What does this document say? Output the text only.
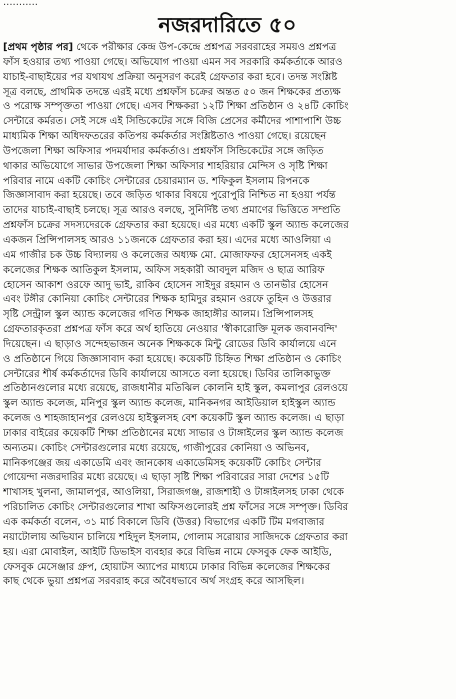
...........
নজরদারিতে ৫০
[প্রথম পৃষ্ঠার পর] থেকে পরীক্ষার কেন্দ্র উপ-কেন্দ্রে প্রশ্নপত্র সরবরাহের সময়ও প্রশ্নপত্র
ফাঁস হওয়ার তথ্য পাওয়া গেছে। অভিযোগ পাওয়া এমন সব সরকারি কর্মকর্তাকে আরও
যাচাই-বাছাইয়ের পর যথাযথ প্রক্রিয়া অনুসরণ করেই গ্রেফতার করা হবে। তদন্ত সংশ্লিষ্ট
সূত্র বলছে, প্রাথমিক তদন্তে এরই মধ্যে প্রশ্নফাঁস চক্রের অন্তত ৫০ জন শিক্ষকের প্রত্যক্ষ
ও পরোক্ষ সম্পৃক্ততা পাওয়া গেছে। এসব শিক্ষকরা ১২টি শিক্ষা প্রতিষ্ঠান ও ২৪টি কোচিং
সেন্টারে কর্মরত। সেই সঙ্গে এই সিন্ডিকেটের সঙ্গে বিজি প্রেসের কর্মীদের পাশাপাশি উচ্চ
মাধ্যমিক শিক্ষা অধিদফতরের কতিপয় কর্মকর্তার সংশ্লিষ্টতাও পাওয়া গেছে। রয়েছেন
উপজেলা শিক্ষা অফিসার পদমর্যাদার কর্মকর্তাও। প্রশ্নফাঁস সিন্ডিকেটের সঙ্গে জড়িত
থাকার অভিযোগে সাভার উপজেলা শিক্ষা অফিসার শাহরিয়ার মেন্দিস ও সৃষ্টি শিক্ষা
পরিবার নামে একটি কোচিং সেন্টারের চেয়ারম্যান ড. শফিকুল ইসলাম রিপনকে
জিজ্ঞাসাবাদ করা হয়েছে। তবে জড়িত থাকার বিষয়ে পুরোপুরি নিশ্চিত না হওয়া পর্যন্ত
তাদের যাচাই-বাছাই চলছে। সূত্র আরও বলছে, সুনির্দিষ্ট তথ্য প্রমাণের ভিত্তিতে সম্প্রতি
প্রশ্নফাঁস চক্রের সদস্যদেরকে গ্রেফতার করা হয়েছে। এর মধ্যে একটি স্কুল অ্যান্ড কলেজের
একজন প্রিন্সিপালসহ আরও ১১জনকে গ্রেফতার করা হয়। এদের মধ্যে আওলিয়া এ
এম গাজীর চক উচ্চ বিদ্যালয় ও কলেজের অধ্যক্ষ মো. মোজাফফর হোসেনসহ একই
কলেজের শিক্ষক আতিকুল ইসলাম, অফিস সহকারী আবদুল মজিদ ও ছাত্র আরিফ
হোসেন আকাশ ওরফে আদু ভাই, রাকিব হোসেন সাইদুর রহমান ও তানভীর হোসেন
এবং টঙ্গীর কোনিয়া কোচিং সেন্টারের শিক্ষক হামিদুর রহমান ওরফে তুহিন ও উত্তরার
সৃষ্টি সেন্ট্রাল স্কুল অ্যান্ড কলেজের গণিত শিক্ষক জাহাঙ্গীর আলম। প্রিন্সিপালসহ
গ্রেফতারকৃতরা প্রশ্নপত্র ফাঁস করে অর্থ হাতিয়ে নেওয়ার 'স্বীকারোক্তি মূলক জবানবন্দি'
দিয়েছেন। এ ছাড়াও সন্দেহভাজন অনেক শিক্ষককে মিন্টু রোডের ডিবি কার্যালয়ে এনে
ও প্রতিষ্ঠানে গিয়ে জিজ্ঞাসাবাদ করা হয়েছে। কয়েকটি চিহ্নিত শিক্ষা প্রতিষ্ঠান ও কোচিং
সেন্টারের শীর্ষ কর্মকর্তাদের ডিবি কার্যালয়ে আসতে বলা হয়েছে। ডিবির তালিকাভুক্ত
প্রতিষ্ঠানগুলোর মধ্যে রয়েছে, রাজধানীর মতিঝিল কোলনি হাই স্কুল, কমলাপুর রেলওয়ে
স্কুল অ্যান্ড কলেজ, মনিপুর স্কুল অ্যান্ড কলেজ, মানিকনগর আইডিয়াল হাইস্কুল অ্যান্ড
কলেজ ও শাহজাহানপুর রেলওয়ে হাইস্কুলসহ বেশ কয়েকটি স্কুল অ্যান্ড কলেজ। এ ছাড়া
ঢাকার বাইরের কয়েকটি শিক্ষা প্রতিষ্ঠানের মধ্যে সাভার ও টাঙ্গাইলের স্কুল অ্যান্ড কলেজ
অন্যতম। কোচিং সেন্টারগুলোর মধ্যে রয়েছে, গাজীপুরের কোনিয়া ও অভিনব,
মানিকগঞ্জের জয় একাডেমি এবং জানকোষ একাডেমিসহ কয়েকটি কোচিং সেন্টার
গোয়েন্দা নজরদারির মধ্যে রয়েছে। এ ছাড়া সৃষ্টি শিক্ষা পরিবারের সারা দেশের ১৫টি
শাখাসহ খুলনা, জামালপুর, আওলিয়া, সিরাজগঞ্জ, রাজশাহী ও টাঙ্গাইলসহ ঢাকা থেকে
পরিচালিত কোচিং সেন্টারগুলোর শাখা অফিসগুলোরই প্রশ্ন ফাঁসের সঙ্গে সম্পৃক্ত। ডিবির
এক কর্মকর্তা বলেন, ৩১ মার্চ বিকালে ডিবি (উত্তর) বিভাগের একটি টিম মগবাজার
নয়াটোলায় অভিযান চালিয়ে শহিদুল ইসলাম, গোলাম সরোয়ার সাজিদকে গ্রেফতার করা
হয়। এরা মোবাইল, আইটি ডিভাইস ব্যবহার করে বিভিন্ন নামে ফেসবুক ফেক আইডি,
ফেসবুক মেসেঞ্জার গ্রুপ, হোয়াটস অ্যাপের মাধ্যমে ঢাকার বিভিন্ন কলেজের শিক্ষকের
কাছ থেকে ভুয়া প্রশ্নপত্র সরবরাহ করে অবৈধভাবে অর্থ সংগ্রহ করে আসছিল।
